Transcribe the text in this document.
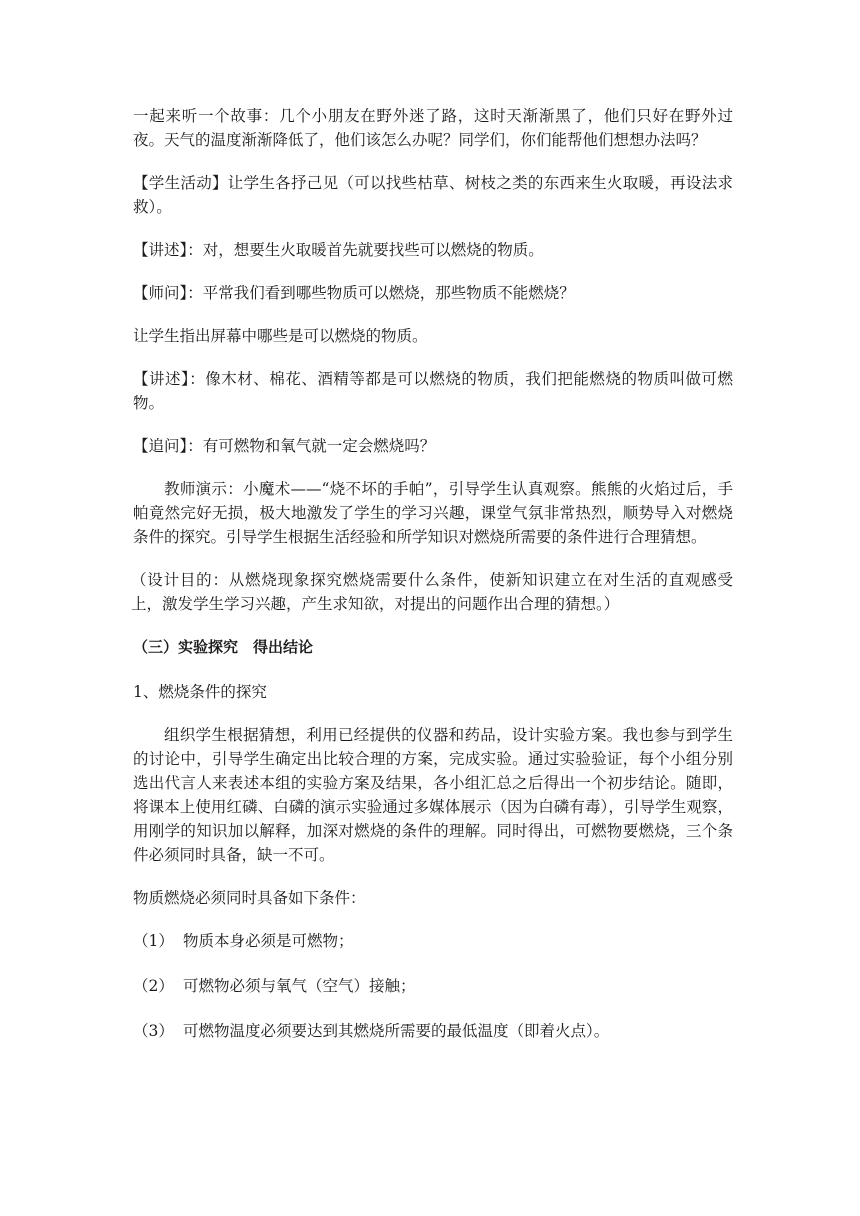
一起来听一个故事：几个小朋友在野外迷了路，这时天渐渐黑了，他们只好在野外过夜。天气的温度渐渐降低了，他们该怎么办呢？同学们，你们能帮他们想想办法吗？

【学生活动】让学生各抒己见（可以找些枯草、树枝之类的东西来生火取暖，再设法求救）。

【讲述】：对，想要生火取暖首先就要找些可以燃烧的物质。

【师问】：平常我们看到哪些物质可以燃烧，那些物质不能燃烧？

让学生指出屏幕中哪些是可以燃烧的物质。

【讲述】：像木材、棉花、酒精等都是可以燃烧的物质，我们把能燃烧的物质叫做可燃物。

【追问】：有可燃物和氧气就一定会燃烧吗？

教师演示：小魔术——“烧不坏的手帕”，引导学生认真观察。熊熊的火焰过后，手帕竟然完好无损，极大地激发了学生的学习兴趣，课堂气氛非常热烈，顺势导入对燃烧条件的探究。引导学生根据生活经验和所学知识对燃烧所需要的条件进行合理猜想。

（设计目的：从燃烧现象探究燃烧需要什么条件，使新知识建立在对生活的直观感受上，激发学生学习兴趣，产生求知欲，对提出的问题作出合理的猜想。）

（三）实验探究　得出结论

1、燃烧条件的探究

组织学生根据猜想，利用已经提供的仪器和药品，设计实验方案。我也参与到学生的讨论中，引导学生确定出比较合理的方案，完成实验。通过实验验证，每个小组分别选出代言人来表述本组的实验方案及结果，各小组汇总之后得出一个初步结论。随即，将课本上使用红磷、白磷的演示实验通过多媒体展示（因为白磷有毒），引导学生观察，用刚学的知识加以解释，加深对燃烧的条件的理解。同时得出，可燃物要燃烧，三个条件必须同时具备，缺一不可。

物质燃烧必须同时具备如下条件：

（1） 物质本身必须是可燃物；
（2） 可燃物必须与氧气（空气）接触；
（3） 可燃物温度必须要达到其燃烧所需要的最低温度（即着火点）。
